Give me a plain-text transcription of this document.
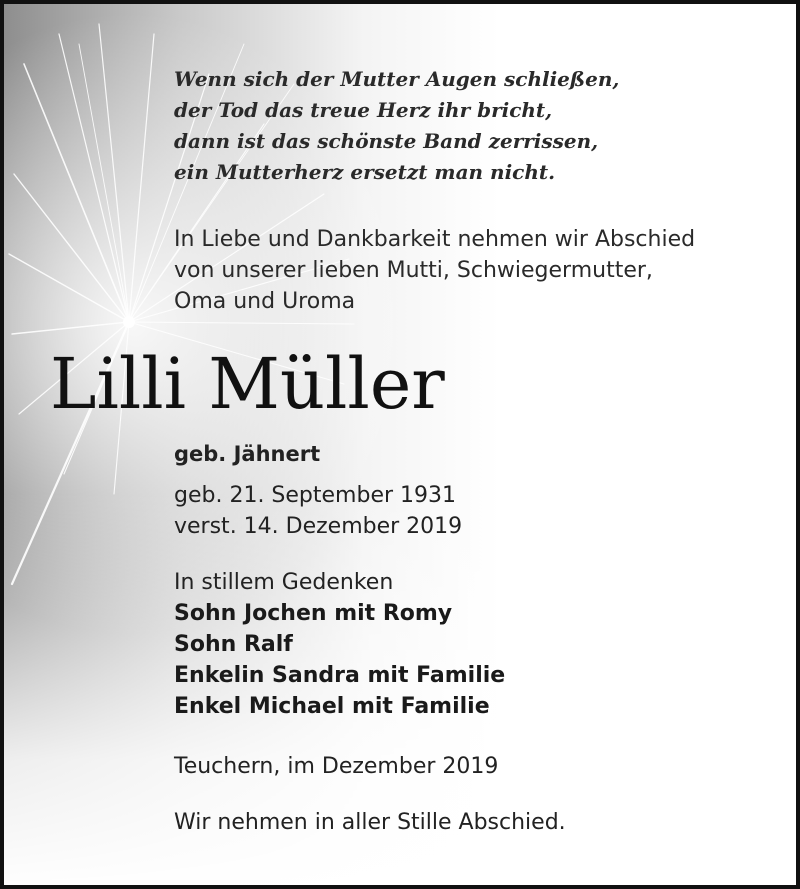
Wenn sich der Mutter Augen schließen,
der Tod das treue Herz ihr bricht,
dann ist das schönste Band zerrissen,
ein Mutterherz ersetzt man nicht.
In Liebe und Dankbarkeit nehmen wir Abschied
von unserer lieben Mutti, Schwiegermutter,
Oma und Uroma
Lilli Müller
geb. Jähnert
geb. 21. September 1931
verst. 14. Dezember 2019
In stillem Gedenken
Sohn Jochen mit Romy
Sohn Ralf
Enkelin Sandra mit Familie
Enkel Michael mit Familie
Teuchern, im Dezember 2019
Wir nehmen in aller Stille Abschied.
